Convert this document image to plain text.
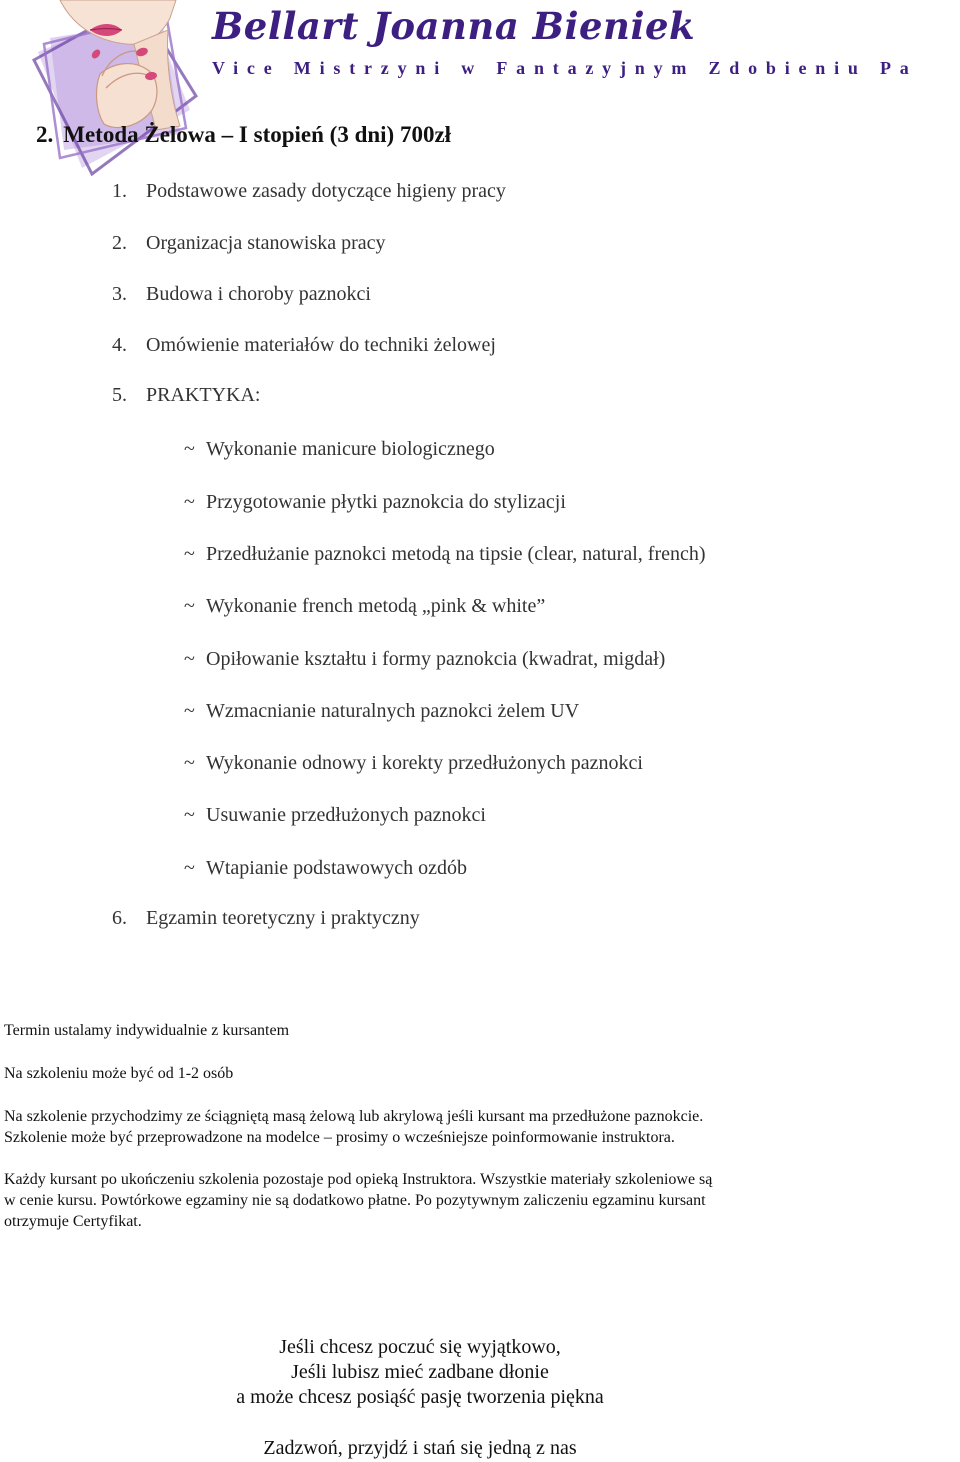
Bellart Joanna Bieniek
Vice Mistrzyni w Fantazyjnym Zdobieniu Pa
2. Metoda Żelowa – I stopień (3 dni) 700zł
1. Podstawowe zasady dotyczące higieny pracy
2. Organizacja stanowiska pracy
3. Budowa i choroby paznokci
4. Omówienie materiałów do techniki żelowej
5. PRAKTYKA:
~ Wykonanie manicure biologicznego
~ Przygotowanie płytki paznokcia do stylizacji
~ Przedłużanie paznokci metodą na tipsie (clear, natural, french)
~ Wykonanie french metodą „pink & white”
~ Opiłowanie kształtu i formy paznokcia (kwadrat, migdał)
~ Wzmacnianie naturalnych paznokci żelem UV
~ Wykonanie odnowy i korekty przedłużonych paznokci
~ Usuwanie przedłużonych paznokci
~ Wtapianie podstawowych ozdób
6. Egzamin teoretyczny i praktyczny

Termin ustalamy indywidualnie z kursantem

Na szkoleniu może być od 1-2 osób

Na szkolenie przychodzimy ze ściągniętą masą żelową lub akrylową jeśli kursant ma przedłużone paznokcie.

Szkolenie może być przeprowadzone na modelce – prosimy o wcześniejsze poinformowanie instruktora.

Każdy kursant po ukończeniu szkolenia pozostaje pod opieką Instruktora. Wszystkie materiały szkoleniowe są

w cenie kursu. Powtórkowe egzaminy nie są dodatkowo płatne. Po pozytywnym zaliczeniu egzaminu kursant

otrzymuje Certyfikat.

Jeśli chcesz poczuć się wyjątkowo,

Jeśli lubisz mieć zadbane dłonie

a może chcesz posiąść pasję tworzenia piękna

Zadzwoń, przyjdź i stań się jedną z nas
